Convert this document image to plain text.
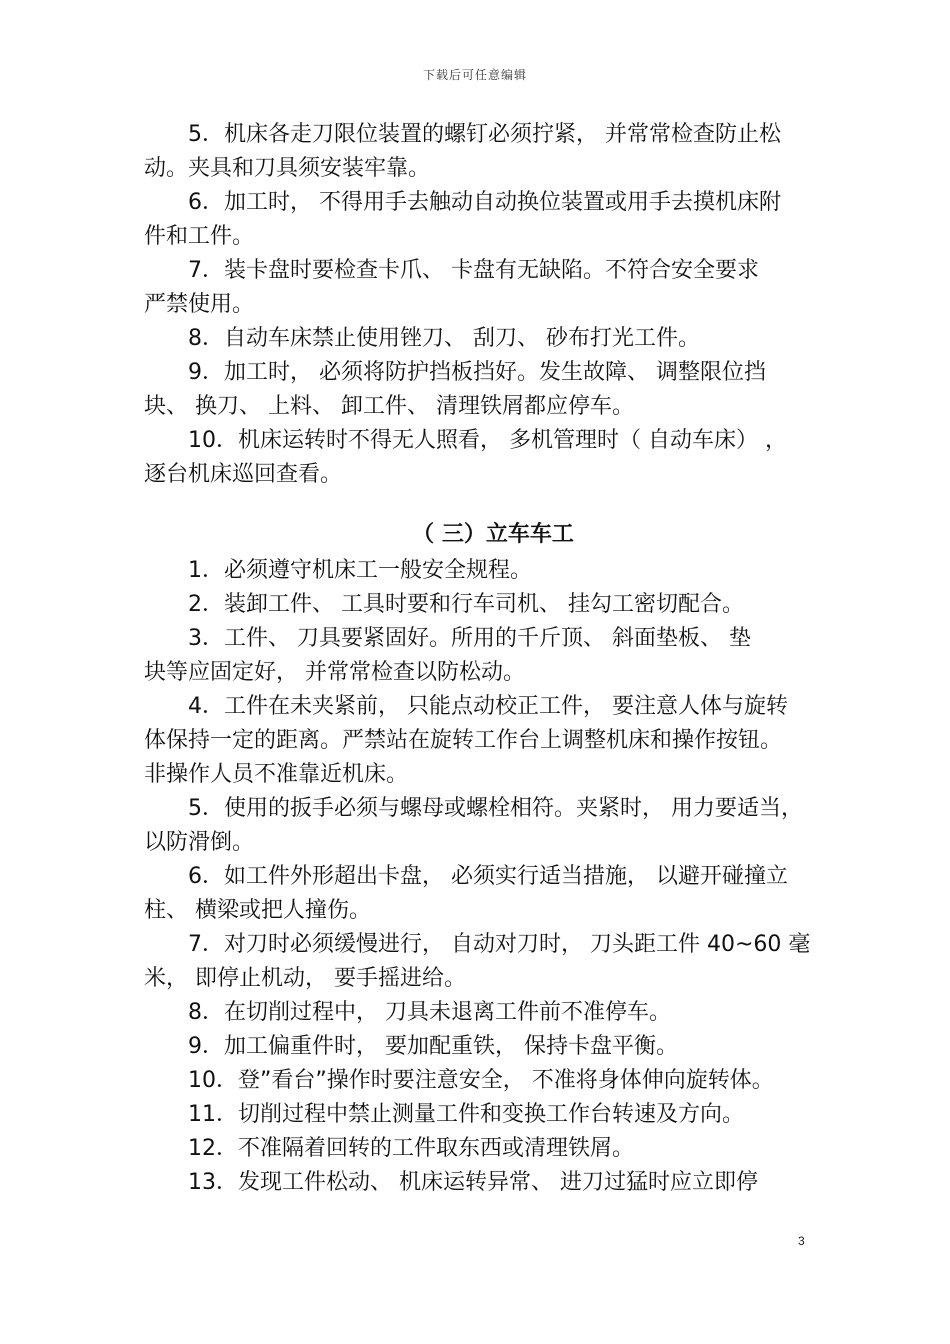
下载后可任意编辑

5．机床各走刀限位装置的螺钉必须拧紧， 并常常检查防止松
动。夹具和刀具须安装牢靠。

6．加工时， 不得用手去触动自动换位装置或用手去摸机床附
件和工件。

7．装卡盘时要检查卡爪、 卡盘有无缺陷。不符合安全要求
严禁使用。

8．自动车床禁止使用锉刀、 刮刀、 砂布打光工件。

9．加工时， 必须将防护挡板挡好。发生故障、 调整限位挡
块、 换刀、 上料、 卸工件、 清理铁屑都应停车。

10．机床运转时不得无人照看， 多机管理时（ 自动车床） ，
逐台机床巡回查看。

（ 三）立车车工

1．必须遵守机床工一般安全规程。

2．装卸工件、 工具时要和行车司机、 挂勾工密切配合。

3．工件、 刀具要紧固好。所用的千斤顶、 斜面垫板、 垫
块等应固定好， 并常常检查以防松动。

4．工件在未夹紧前， 只能点动校正工件， 要注意人体与旋转
体保持一定的距离。严禁站在旋转工作台上调整机床和操作按钮。
非操作人员不准靠近机床。

5．使用的扳手必须与螺母或螺栓相符。夹紧时， 用力要适当，
以防滑倒。

6．如工件外形超出卡盘， 必须实行适当措施， 以避开碰撞立
柱、 横梁或把人撞伤。

7．对刀时必须缓慢进行， 自动对刀时， 刀头距工件 40~60 毫
米， 即停止机动， 要手摇进给。

8．在切削过程中， 刀具未退离工件前不准停车。

9．加工偏重件时， 要加配重铁， 保持卡盘平衡。

10．登”看台”操作时要注意安全， 不准将身体伸向旋转体。

11．切削过程中禁止测量工件和变换工作台转速及方向。

12．不准隔着回转的工件取东西或清理铁屑。

13．发现工件松动、 机床运转异常、 进刀过猛时应立即停

3
